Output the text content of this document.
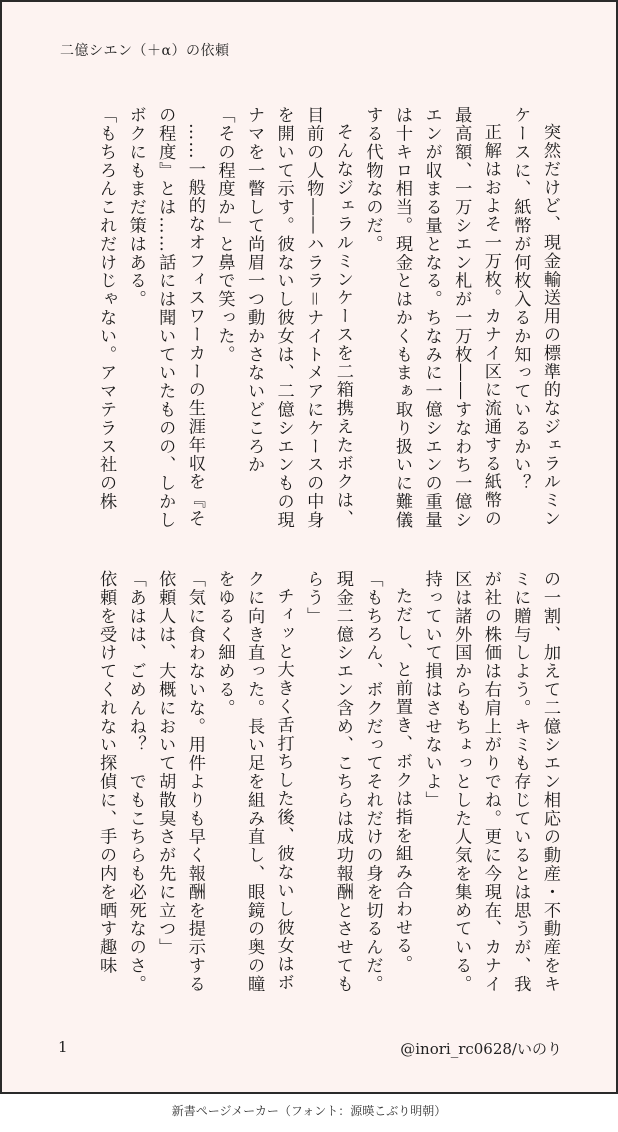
二億シエン（＋α）の依頼

突然だけど、現金輸送用の標準的なジェラルミンケースに、紙幣が何枚入るか知っているかい？

正解はおよそ一万枚。カナイ区に流通する紙幣の最高額、一万シエン札が一万枚――すなわち一億シエンが収まる量となる。ちなみに一億シエンの重量は十キロ相当。現金とはかくもまぁ取り扱いに難儀する代物なのだ。

そんなジェラルミンケースを二箱携えたボクは、目前の人物――ハララ＝ナイトメアにケースの中身を開いて示す。彼ないし彼女は、二億シエンもの現ナマを一瞥して尚眉一つ動かさないどころか

「その程度か」と鼻で笑った。

……一般的なオフィスワーカーの生涯年収を『その程度』とは……話には聞いていたものの、しかしボクにもまだ策はある。

「もちろんこれだけじゃない。アマテラス社の株

の一割、加えて二億シエン相応の動産・不動産をキミに贈与しよう。キミも存じているとは思うが、我が社の株価は右肩上がりでね。更に今現在、カナイ区は諸外国からもちょっとした人気を集めている。持っていて損はさせないよ」

ただし、と前置き、ボクは指を組み合わせる。

「もちろん、ボクだってそれだけの身を切るんだ。現金二億シエン含め、こちらは成功報酬とさせてもらう」

チィッと大きく舌打ちした後、彼ないし彼女はボクに向き直った。長い足を組み直し、眼鏡の奥の瞳をゆるく細める。

「気に食わないな。用件よりも早く報酬を提示する依頼人は、大概において胡散臭さが先に立つ」

「あはは、ごめんね？　でもこちらも必死なのさ。依頼を受けてくれない探偵に、手の内を晒す趣味

1	@inori_rc0628/いのり
新書ページメーカー（フォント：源暎こぶり明朝）
